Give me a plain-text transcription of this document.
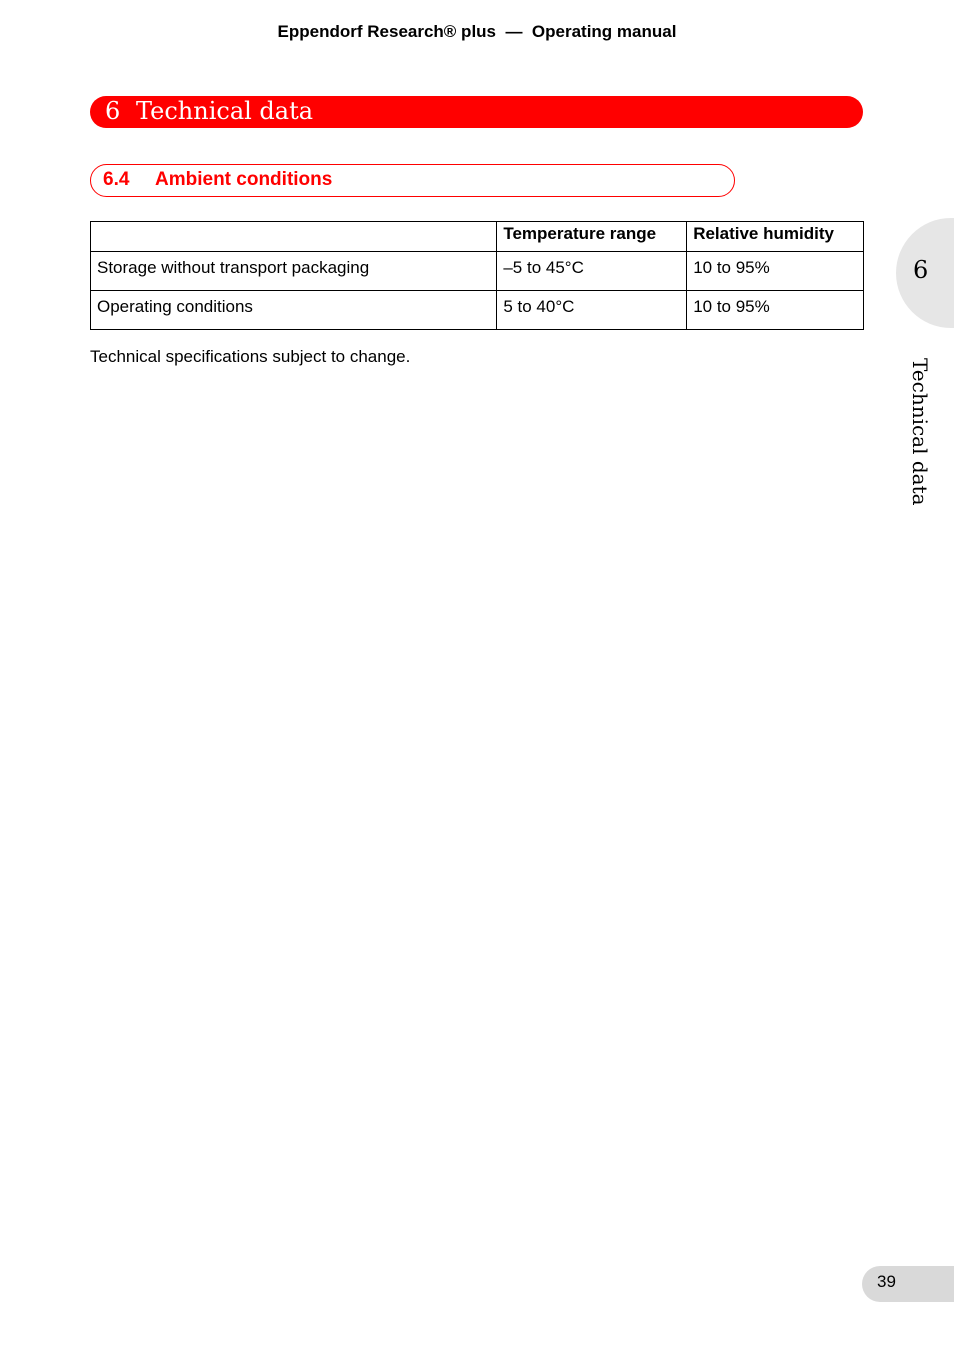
Eppendorf Research® plus  —  Operating manual
6 Technical data
6.4 Ambient conditions
	Temperature range	Relative humidity
Storage without transport packaging	–5 to 45°C	10 to 95%
Operating conditions	5 to 40°C	10 to 95%
Technical specifications subject to change.
6
Technical data
39
